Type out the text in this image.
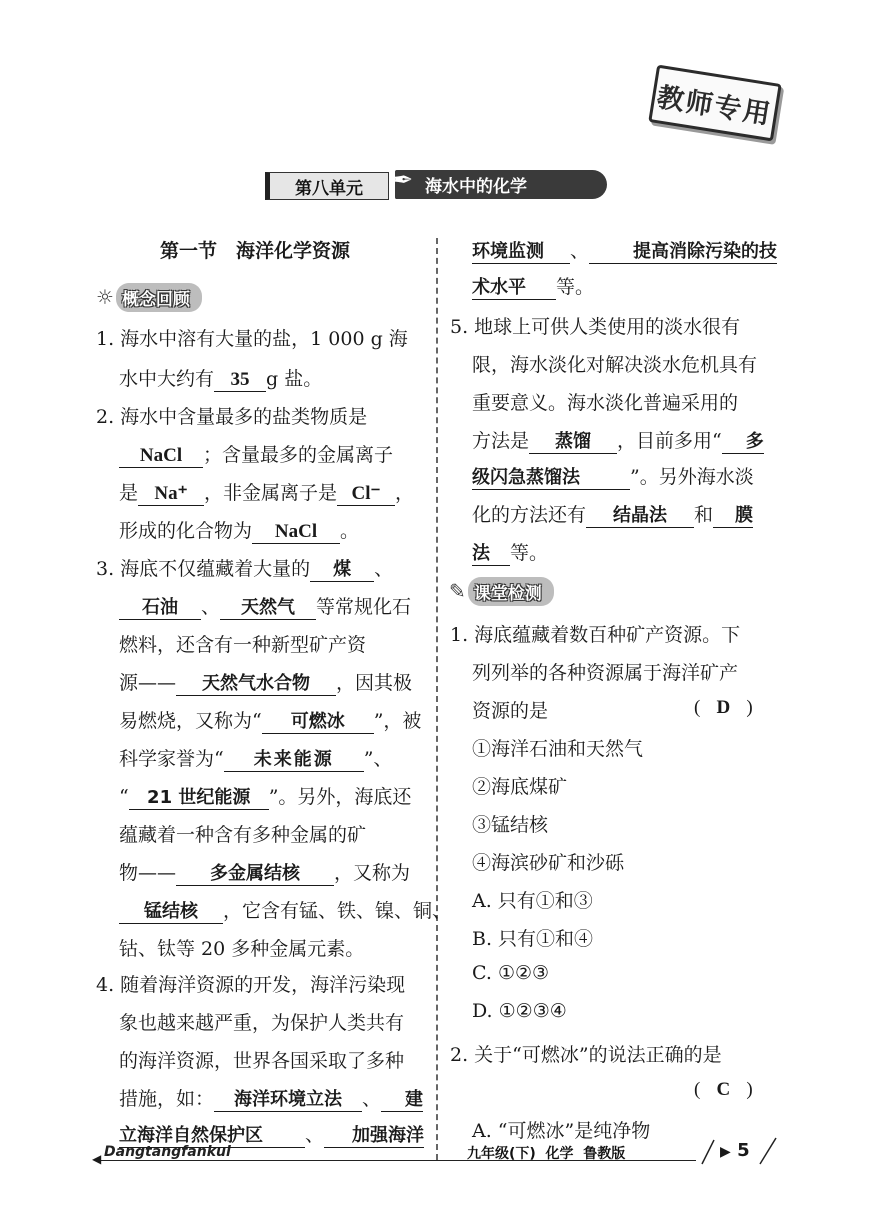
教师专用
第八单元	海水中的化学
✒
第一节　海洋化学资源
☼ 概念回顾
1. 海水中溶有大量的盐，1 000 g 海
水中大约有 35 g 盐。
2. 海水中含量最多的盐类物质是
NaCl ；含量最多的金属离子
是 Na⁺ ，非金属离子是 Cl⁻ ，
形成的化合物为 NaCl 。
3. 海底不仅蕴藏着大量的 煤 、
石油 、 天然气 等常规化石
燃料，还含有一种新型矿产资
源—— 天然气水合物 ，因其极
易燃烧，又称为“ 可燃冰 ”，被
科学家誉为“ 未来能源 ”、
“ 21 世纪能源 ”。另外，海底还
蕴藏着一种含有多种金属的矿
物—— 多金属结核 ，又称为
锰结核 ，它含有锰、铁、镍、铜、
钴、钛等 20 多种金属元素。
4. 随着海洋资源的开发，海洋污染现
象也越来越严重，为保护人类共有
的海洋资源，世界各国采取了多种
措施，如： 海洋环境立法 、 建
立海洋自然保护区 、 加强海洋
环境监测 、 提高消除污染的技
术水平 等。
5. 地球上可供人类使用的淡水很有
限，海水淡化对解决淡水危机具有
重要意义。海水淡化普遍采用的
方法是 蒸馏 ，目前多用“ 多
级闪急蒸馏法	”。另外海水淡
化的方法还有 结晶法 和 膜
法 等。
✎ 课堂检测
1. 海底蕴藏着数百种矿产资源。下
列列举的各种资源属于海洋矿产
资源的是	( D )
①海洋石油和天然气
②海底煤矿
③锰结核
④海滨砂矿和沙砾
A. 只有①和③
B. 只有①和④
C. ①②③
D. ①②③④
2. 关于“可燃冰”的说法正确的是
( C )
A. “可燃冰”是纯净物
◀ Dangtangfankui	九年级(下) 化学 鲁教版	▶ 5
